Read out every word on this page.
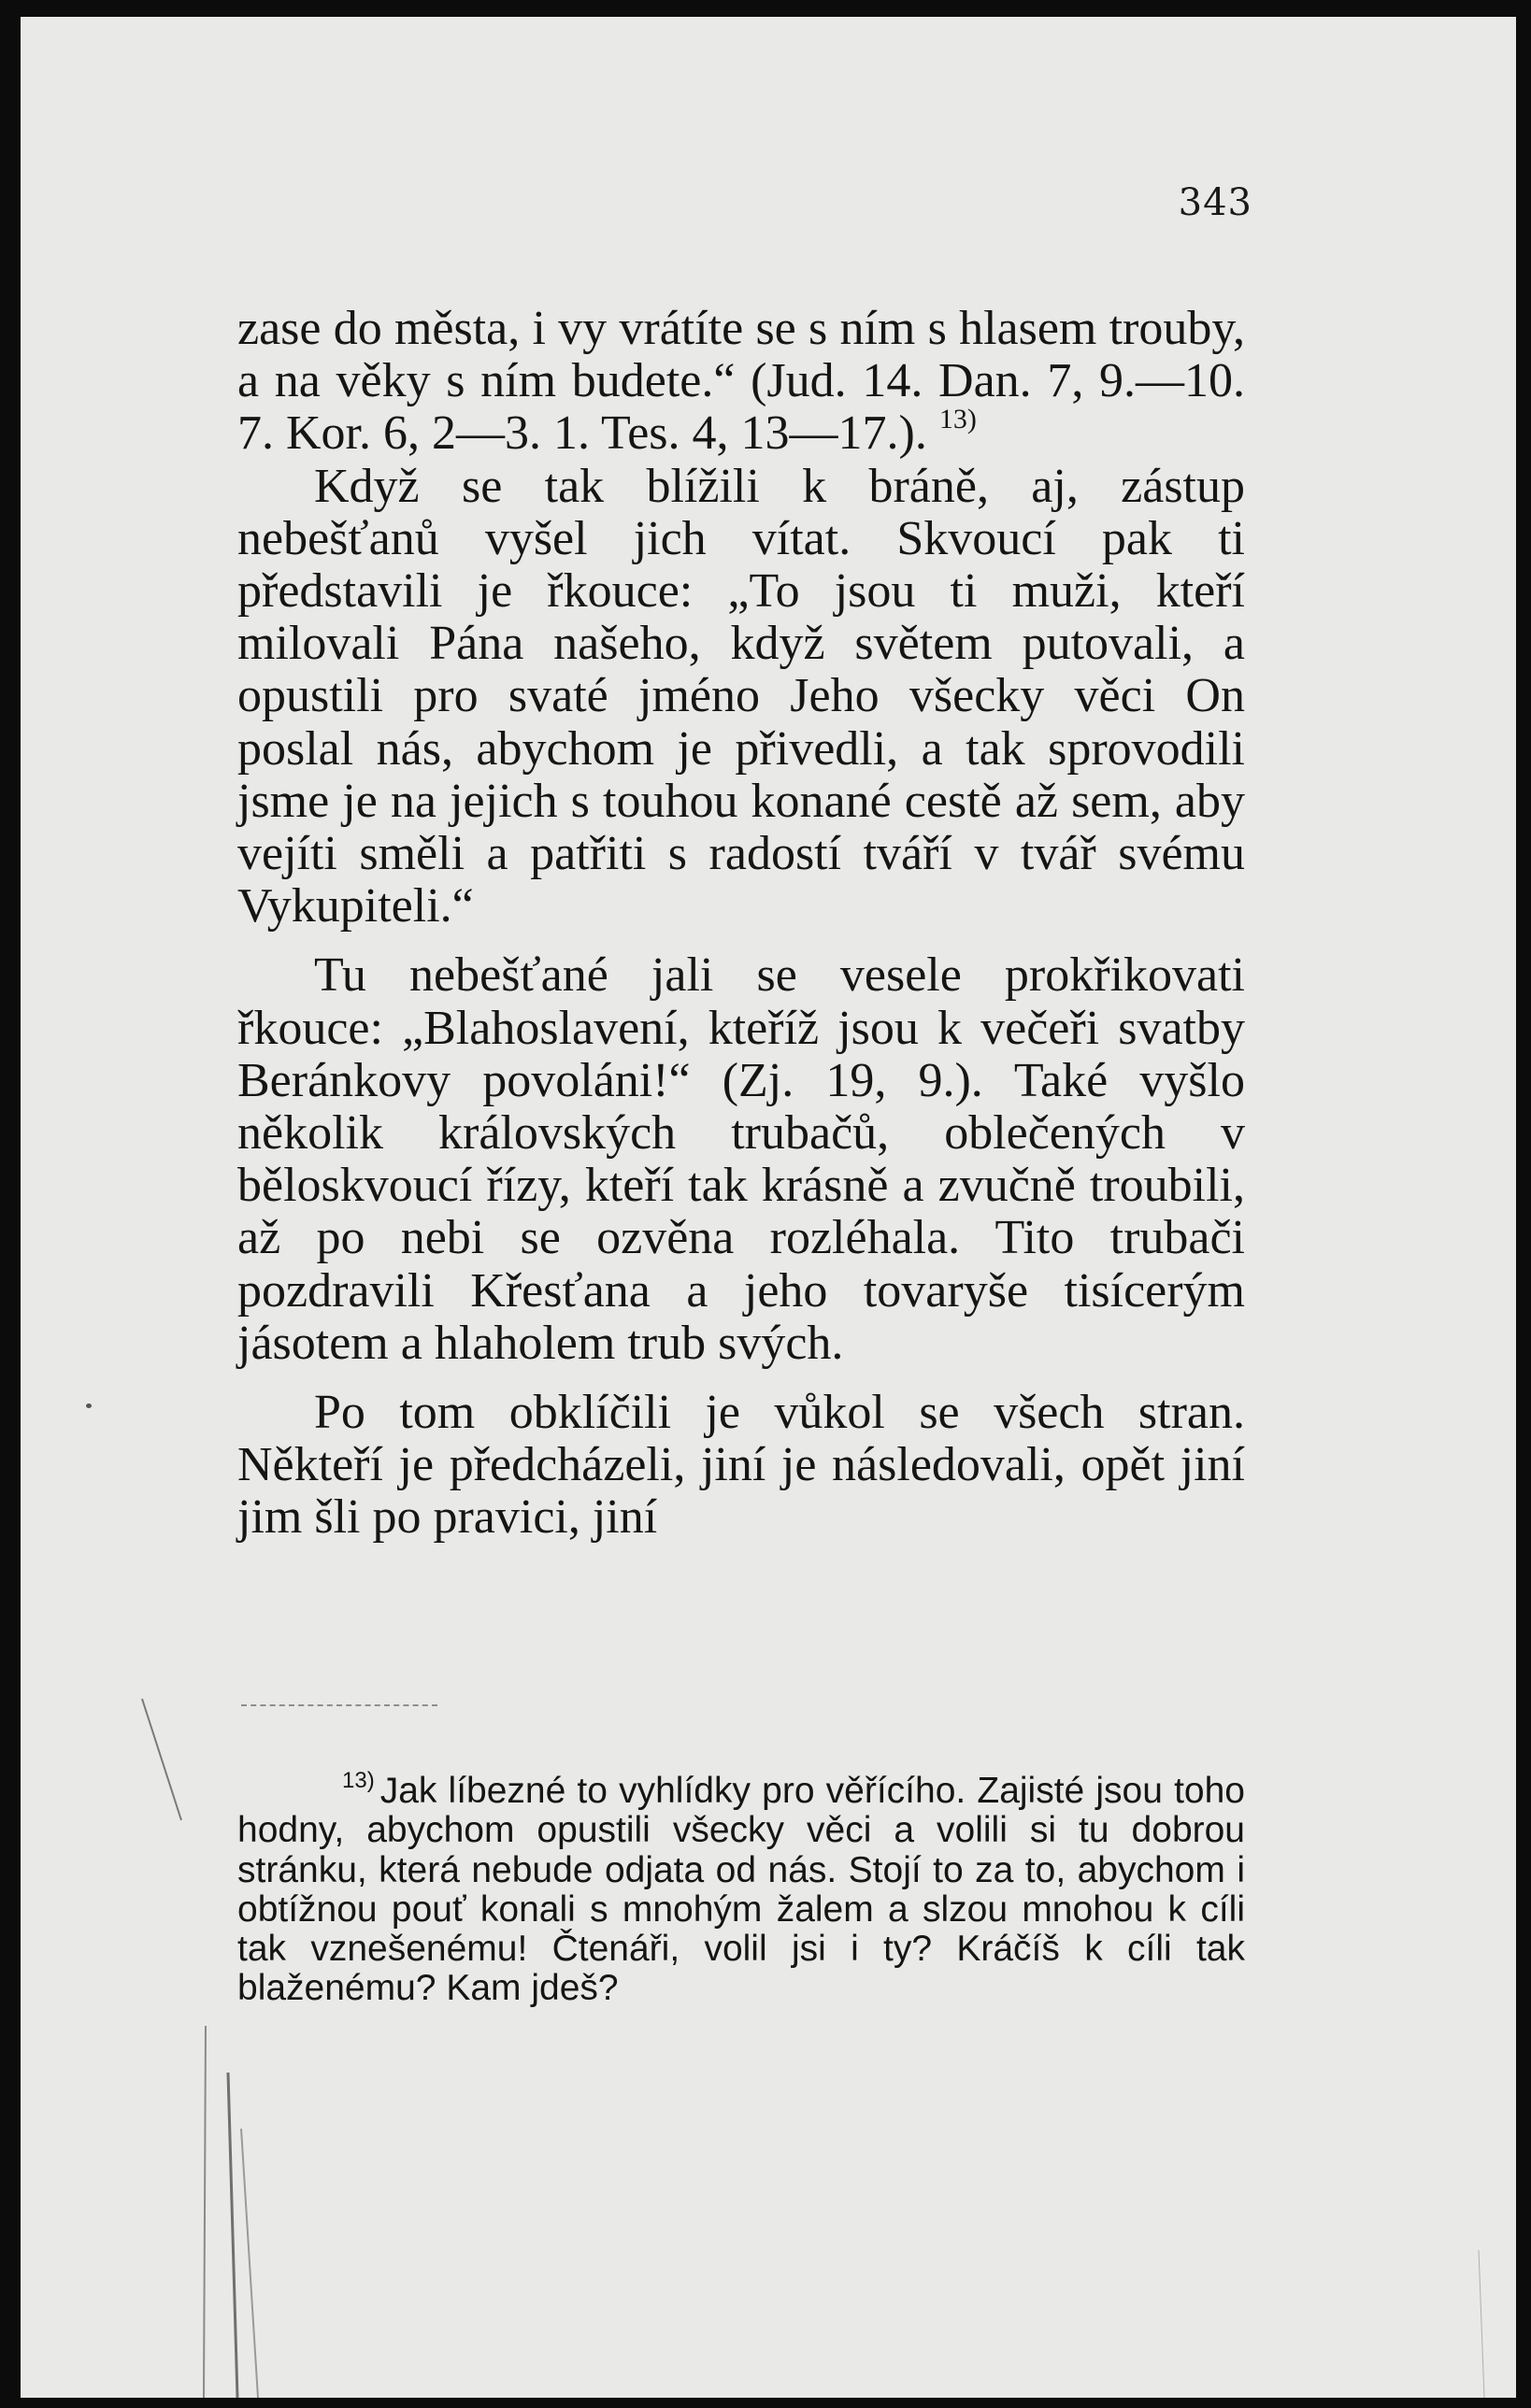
343

zase do města, i vy vrátíte se s ním s hlasem trouby, a na věky s ním budete.“ (Jud. 14. Dan. 7, 9.—10. 7. Kor. 6, 2—3. 1. Tes. 4, 13—17.). $^{13)}$

Když se tak blížili k bráně, aj, zástup nebešťanů vyšel jich vítat. Skvoucí pak ti představili je řkouce: „To jsou ti muži, kteří milovali Pána našeho, když světem putovali, a opustili pro svaté jméno Jeho všecky věci On poslal nás, abychom je přivedli, a tak sprovodili jsme je na jejich s touhou konané cestě až sem, aby vejíti směli a patřiti s radostí tváří v tvář svému Vykupiteli.“

Tu nebešťané jali se vesele prokřikovati řkouce: „Blahoslavení, kteříž jsou k večeři svatby Beránkovy povoláni!“ (Zj. 19, 9.). Také vyšlo několik královských trubačů, oblečených v běloskvoucí řízy, kteří tak krásně a zvučně troubili, až po nebi se ozvěna rozléhala. Tito trubači pozdravili Křesťana a jeho tovaryše tisícerým jásotem a hlaholem trub svých.

Po tom obklíčili je vůkol se všech stran. Někteří je předcházeli, jiní je následovali, opět jiní jim šli po pravici, jiní

$^{13)}$ Jak líbezné to vyhlídky pro věřícího. Zajisté jsou toho hodny, abychom opustili všecky věci a volili si tu dobrou stránku, která nebude odjata od nás. Stojí to za to, abychom i obtížnou pouť konali s mnohým žalem a slzou mnohou k cíli tak vznešenému! Čtenáři, volil jsi i ty? Kráčíš k cíli tak blaženému? Kam jdeš?
